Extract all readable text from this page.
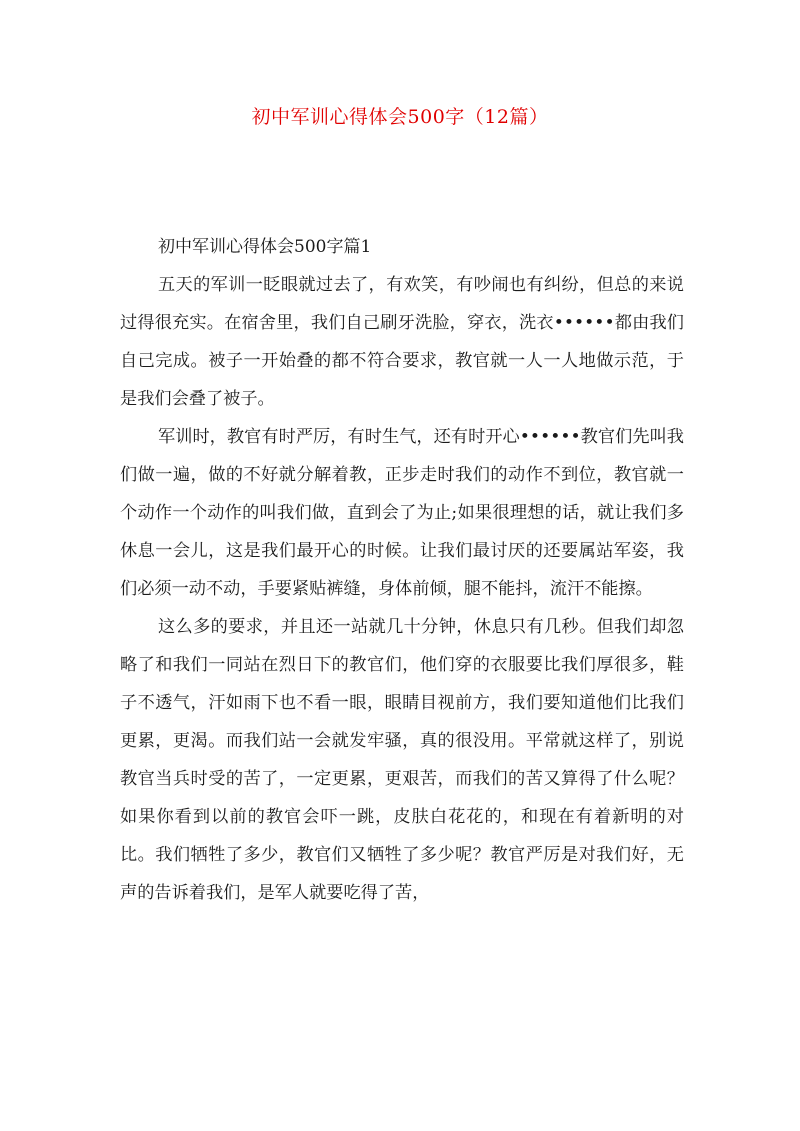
初中军训心得体会500字（12篇）

初中军训心得体会500字篇1

五天的军训一眨眼就过去了，有欢笑，有吵闹也有纠纷，但总的来说过得很充实。在宿舍里，我们自己刷牙洗脸，穿衣，洗衣••••••都由我们自己完成。被子一开始叠的都不符合要求，教官就一人一人地做示范，于是我们会叠了被子。

军训时，教官有时严厉，有时生气，还有时开心••••••教官们先叫我们做一遍，做的不好就分解着教，正步走时我们的动作不到位，教官就一个动作一个动作的叫我们做，直到会了为止;如果很理想的话，就让我们多休息一会儿，这是我们最开心的时候。让我们最讨厌的还要属站军姿，我们必须一动不动，手要紧贴裤缝，身体前倾，腿不能抖，流汗不能擦。

这么多的要求，并且还一站就几十分钟，休息只有几秒。但我们却忽略了和我们一同站在烈日下的教官们，他们穿的衣服要比我们厚很多，鞋子不透气，汗如雨下也不看一眼，眼睛目视前方，我们要知道他们比我们更累，更渴。而我们站一会就发牢骚，真的很没用。平常就这样了，别说教官当兵时受的苦了，一定更累，更艰苦，而我们的苦又算得了什么呢？如果你看到以前的教官会吓一跳，皮肤白花花的，和现在有着新明的对比。我们牺牲了多少，教官们又牺牲了多少呢？教官严厉是对我们好，无声的告诉着我们，是军人就要吃得了苦，
